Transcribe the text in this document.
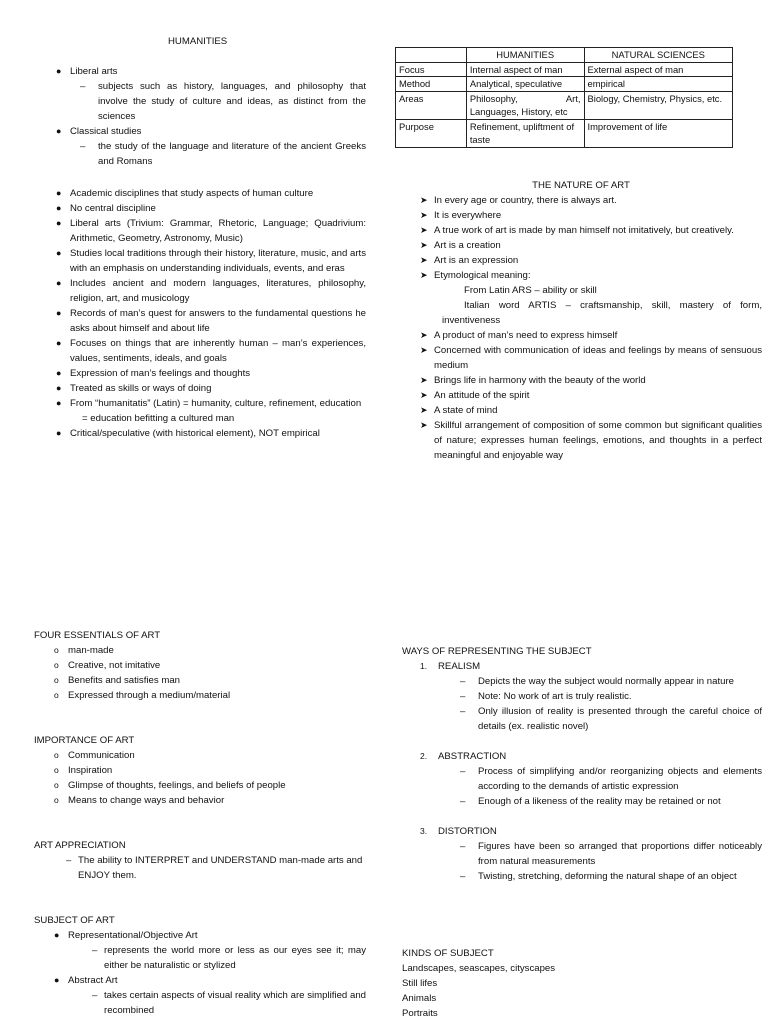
HUMANITIES
● Liberal arts
– subjects such as history, languages, and philosophy that involve the study of culture and ideas, as distinct from the sciences
● Classical studies
– the study of the language and literature of the ancient Greeks and Romans
● Academic disciplines that study aspects of human culture
● No central discipline
● Liberal arts (Trivium: Grammar, Rhetoric, Language; Quadrivium: Arithmetic, Geometry, Astronomy, Music)
● Studies local traditions through their history, literature, music, and arts with an emphasis on understanding individuals, events, and eras
● Includes ancient and modern languages, literatures, philosophy, religion, art, and musicology
● Records of man’s quest for answers to the fundamental questions he asks about himself and about life
● Focuses on things that are inherently human – man’s experiences, values, sentiments, ideals, and goals
● Expression of man’s feelings and thoughts
● Treated as skills or ways of doing
● From “humanitatis” (Latin) = humanity, culture, refinement, education
= education befitting a cultured man
● Critical/speculative (with historical element), NOT empirical
	HUMANITIES	NATURAL SCIENCES
Focus	Internal aspect of man	External aspect of man
Method	Analytical, speculative	empirical
Areas	Philosophy, Art, Languages, History, etc	Biology, Chemistry, Physics, etc.
Purpose	Refinement, upliftment of taste	Improvement of life
THE NATURE OF ART
➤ In every age or country, there is always art.
➤ It is everywhere
➤ A true work of art is made by man himself not imitatively, but creatively.
➤ Art is a creation
➤ Art is an expression
➤ Etymological meaning:
From Latin ARS – ability or skill
Italian word ARTIS – craftsmanship, skill, mastery of form, inventiveness
➤ A product of man’s need to express himself
➤ Concerned with communication of ideas and feelings by means of sensuous medium
➤ Brings life in harmony with the beauty of the world
➤ An attitude of the spirit
➤ A state of mind
➤ Skillful arrangement of composition of some common but significant qualities of nature; expresses human feelings, emotions, and thoughts in a perfect meaningful and enjoyable way
FOUR ESSENTIALS OF ART
o man-made
o Creative, not imitative
o Benefits and satisfies man
o Expressed through a medium/material
IMPORTANCE OF ART
o Communication
o Inspiration
o Glimpse of thoughts, feelings, and beliefs of people
o Means to change ways and behavior
ART APPRECIATION
– The ability to INTERPRET and UNDERSTAND man-made arts and ENJOY them.
SUBJECT OF ART
● Representational/Objective Art
– represents the world more or less as our eyes see it; may either be naturalistic or stylized
● Abstract Art
– takes certain aspects of visual reality which are simplified and recombined
WAYS OF REPRESENTING THE SUBJECT
1. REALISM
– Depicts the way the subject would normally appear in nature
– Note: No work of art is truly realistic.
– Only illusion of reality is presented through the careful choice of details (ex. realistic novel)
2. ABSTRACTION
– Process of simplifying and/or reorganizing objects and elements according to the demands of artistic expression
– Enough of a likeness of the reality may be retained or not
3. DISTORTION
– Figures have been so arranged that proportions differ noticeably from natural measurements
– Twisting, stretching, deforming the natural shape of an object
KINDS OF SUBJECT
Landscapes, seascapes, cityscapes
Still lifes
Animals
Portraits
